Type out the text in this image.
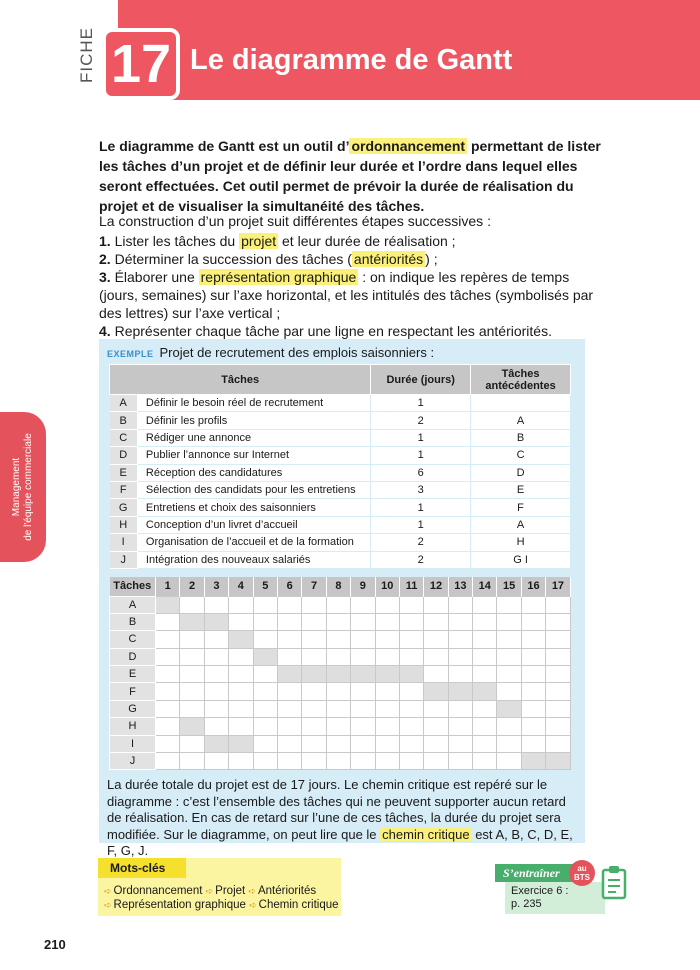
FICHE 17 Le diagramme de Gantt
Management
de l'équipe commerciale

Le diagramme de Gantt est un outil d’ ordonnancement permettant de lister les tâches d’un projet et de définir leur durée et l’ordre dans lequel elles seront effectuées. Cet outil permet de prévoir la durée de réalisation du projet et de visualiser la simultanéité des tâches.

La construction d’un projet suit différentes étapes successives :
1. Lister les tâches du projet et leur durée de réalisation ;
2. Déterminer la succession des tâches ( antériorités ) ;
3. Élaborer une représentation graphique : on indique les repères de temps (jours, semaines) sur l’axe horizontal, et les intitulés des tâches (symbolisés par des lettres) sur l’axe vertical ;
4. Représenter chaque tâche par une ligne en respectant les antériorités.
EXEMPLE Projet de recrutement des emplois saisonniers :
Tâches		Durée (jours)	Tâches antécédentes
A	Définir le besoin réel de recrutement	1	
B	Définir les profils	2	A
C	Rédiger une annonce	1	B
D	Publier l’annonce sur Internet	1	C
E	Réception des candidatures	6	D
F	Sélection des candidats pour les entretiens	3	E
G	Entretiens et choix des saisonniers	1	F
H	Conception d’un livret d’accueil	1	A
I	Organisation de l’accueil et de la formation	2	H
J	Intégration des nouveaux salariés	2	G I
Tâches	1	2	3	4	5	6	7	8	9	10	11	12	13	14	15	16	17
A																	
B																	
C																	
D																	
E																	
F																	
G																	
H																	
I																	
J																	

La durée totale du projet est de 17 jours. Le chemin critique est repéré sur le diagramme : c’est l’ensemble des tâches qui ne peuvent supporter aucun retard de réalisation. En cas de retard sur l’une de ces tâches, la durée du projet sera modifiée. Sur le diagramme, on peut lire que le chemin critique est A, B, C, D, E, F, G, J.

Mots-clés
➪ Ordonnancement ➪ Projet ➪ Antériorités
➪ Représentation graphique ➪ Chemin critique
Exercice 6 :
p. 235
S’entraîner	au
BTS
210
